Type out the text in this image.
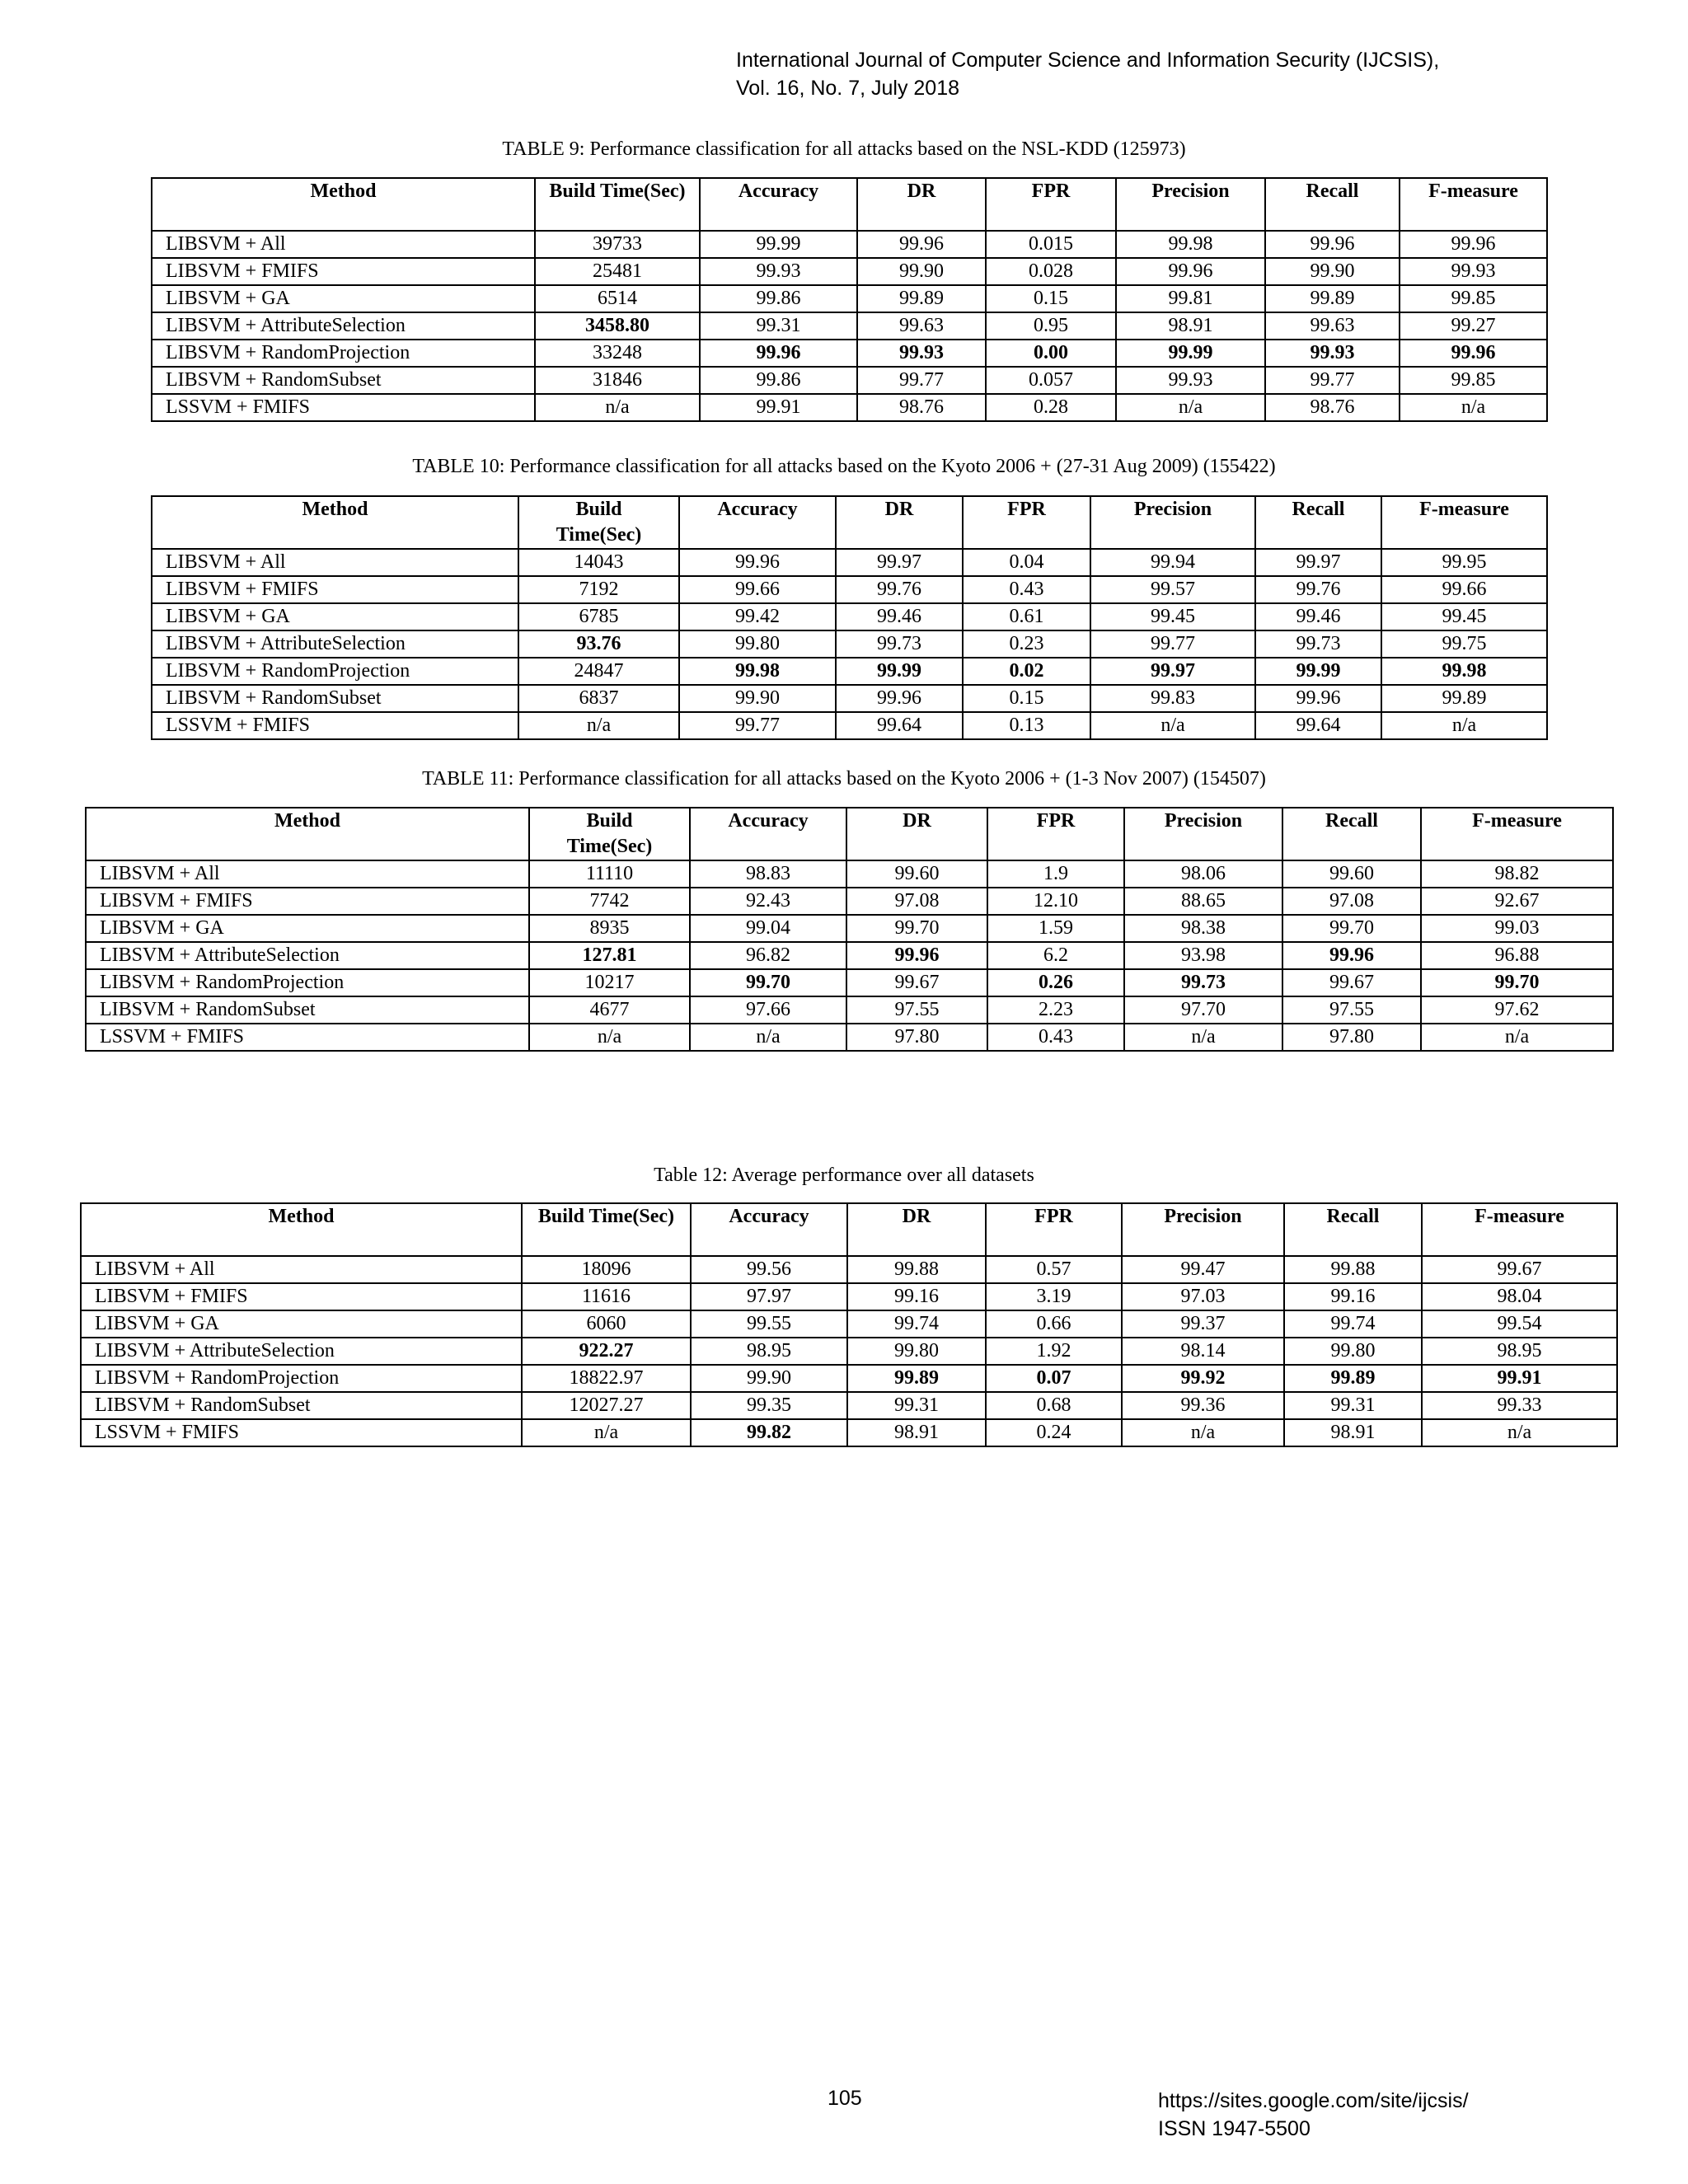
International Journal of Computer Science and Information Security (IJCSIS),
Vol. 16, No. 7, July 2018
TABLE 9: Performance classification for all attacks based on the NSL-KDD (125973)
Method	Build Time(Sec)	Accuracy	DR	FPR	Precision	Recall	F-measure
LIBSVM + All	39733	99.99	99.96	0.015	99.98	99.96	99.96
LIBSVM + FMIFS	25481	99.93	99.90	0.028	99.96	99.90	99.93
LIBSVM + GA	6514	99.86	99.89	0.15	99.81	99.89	99.85
LIBSVM + AttributeSelection	3458.80	99.31	99.63	0.95	98.91	99.63	99.27
LIBSVM + RandomProjection	33248	99.96	99.93	0.00	99.99	99.93	99.96
LIBSVM + RandomSubset	31846	99.86	99.77	0.057	99.93	99.77	99.85
LSSVM + FMIFS	n/a	99.91	98.76	0.28	n/a	98.76	n/a
TABLE 10: Performance classification for all attacks based on the Kyoto 2006 + (27-31 Aug 2009) (155422)
Method	Build Time(Sec)	Accuracy	DR	FPR	Precision	Recall	F-measure
LIBSVM + All	14043	99.96	99.97	0.04	99.94	99.97	99.95
LIBSVM + FMIFS	7192	99.66	99.76	0.43	99.57	99.76	99.66
LIBSVM + GA	6785	99.42	99.46	0.61	99.45	99.46	99.45
LIBSVM + AttributeSelection	93.76	99.80	99.73	0.23	99.77	99.73	99.75
LIBSVM + RandomProjection	24847	99.98	99.99	0.02	99.97	99.99	99.98
LIBSVM + RandomSubset	6837	99.90	99.96	0.15	99.83	99.96	99.89
LSSVM + FMIFS	n/a	99.77	99.64	0.13	n/a	99.64	n/a
TABLE 11: Performance classification for all attacks based on the Kyoto 2006 + (1-3 Nov 2007) (154507)
Method	Build Time(Sec)	Accuracy	DR	FPR	Precision	Recall	F-measure
LIBSVM + All	11110	98.83	99.60	1.9	98.06	99.60	98.82
LIBSVM + FMIFS	7742	92.43	97.08	12.10	88.65	97.08	92.67
LIBSVM + GA	8935	99.04	99.70	1.59	98.38	99.70	99.03
LIBSVM + AttributeSelection	127.81	96.82	99.96	6.2	93.98	99.96	96.88
LIBSVM + RandomProjection	10217	99.70	99.67	0.26	99.73	99.67	99.70
LIBSVM + RandomSubset	4677	97.66	97.55	2.23	97.70	97.55	97.62
LSSVM + FMIFS	n/a	n/a	97.80	0.43	n/a	97.80	n/a
Table 12: Average performance over all datasets
Method	Build Time(Sec)	Accuracy	DR	FPR	Precision	Recall	F-measure
LIBSVM + All	18096	99.56	99.88	0.57	99.47	99.88	99.67
LIBSVM + FMIFS	11616	97.97	99.16	3.19	97.03	99.16	98.04
LIBSVM + GA	6060	99.55	99.74	0.66	99.37	99.74	99.54
LIBSVM + AttributeSelection	922.27	98.95	99.80	1.92	98.14	99.80	98.95
LIBSVM + RandomProjection	18822.97	99.90	99.89	0.07	99.92	99.89	99.91
LIBSVM + RandomSubset	12027.27	99.35	99.31	0.68	99.36	99.31	99.33
LSSVM + FMIFS	n/a	99.82	98.91	0.24	n/a	98.91	n/a
105	https://sites.google.com/site/ijcsis/
ISSN 1947-5500
